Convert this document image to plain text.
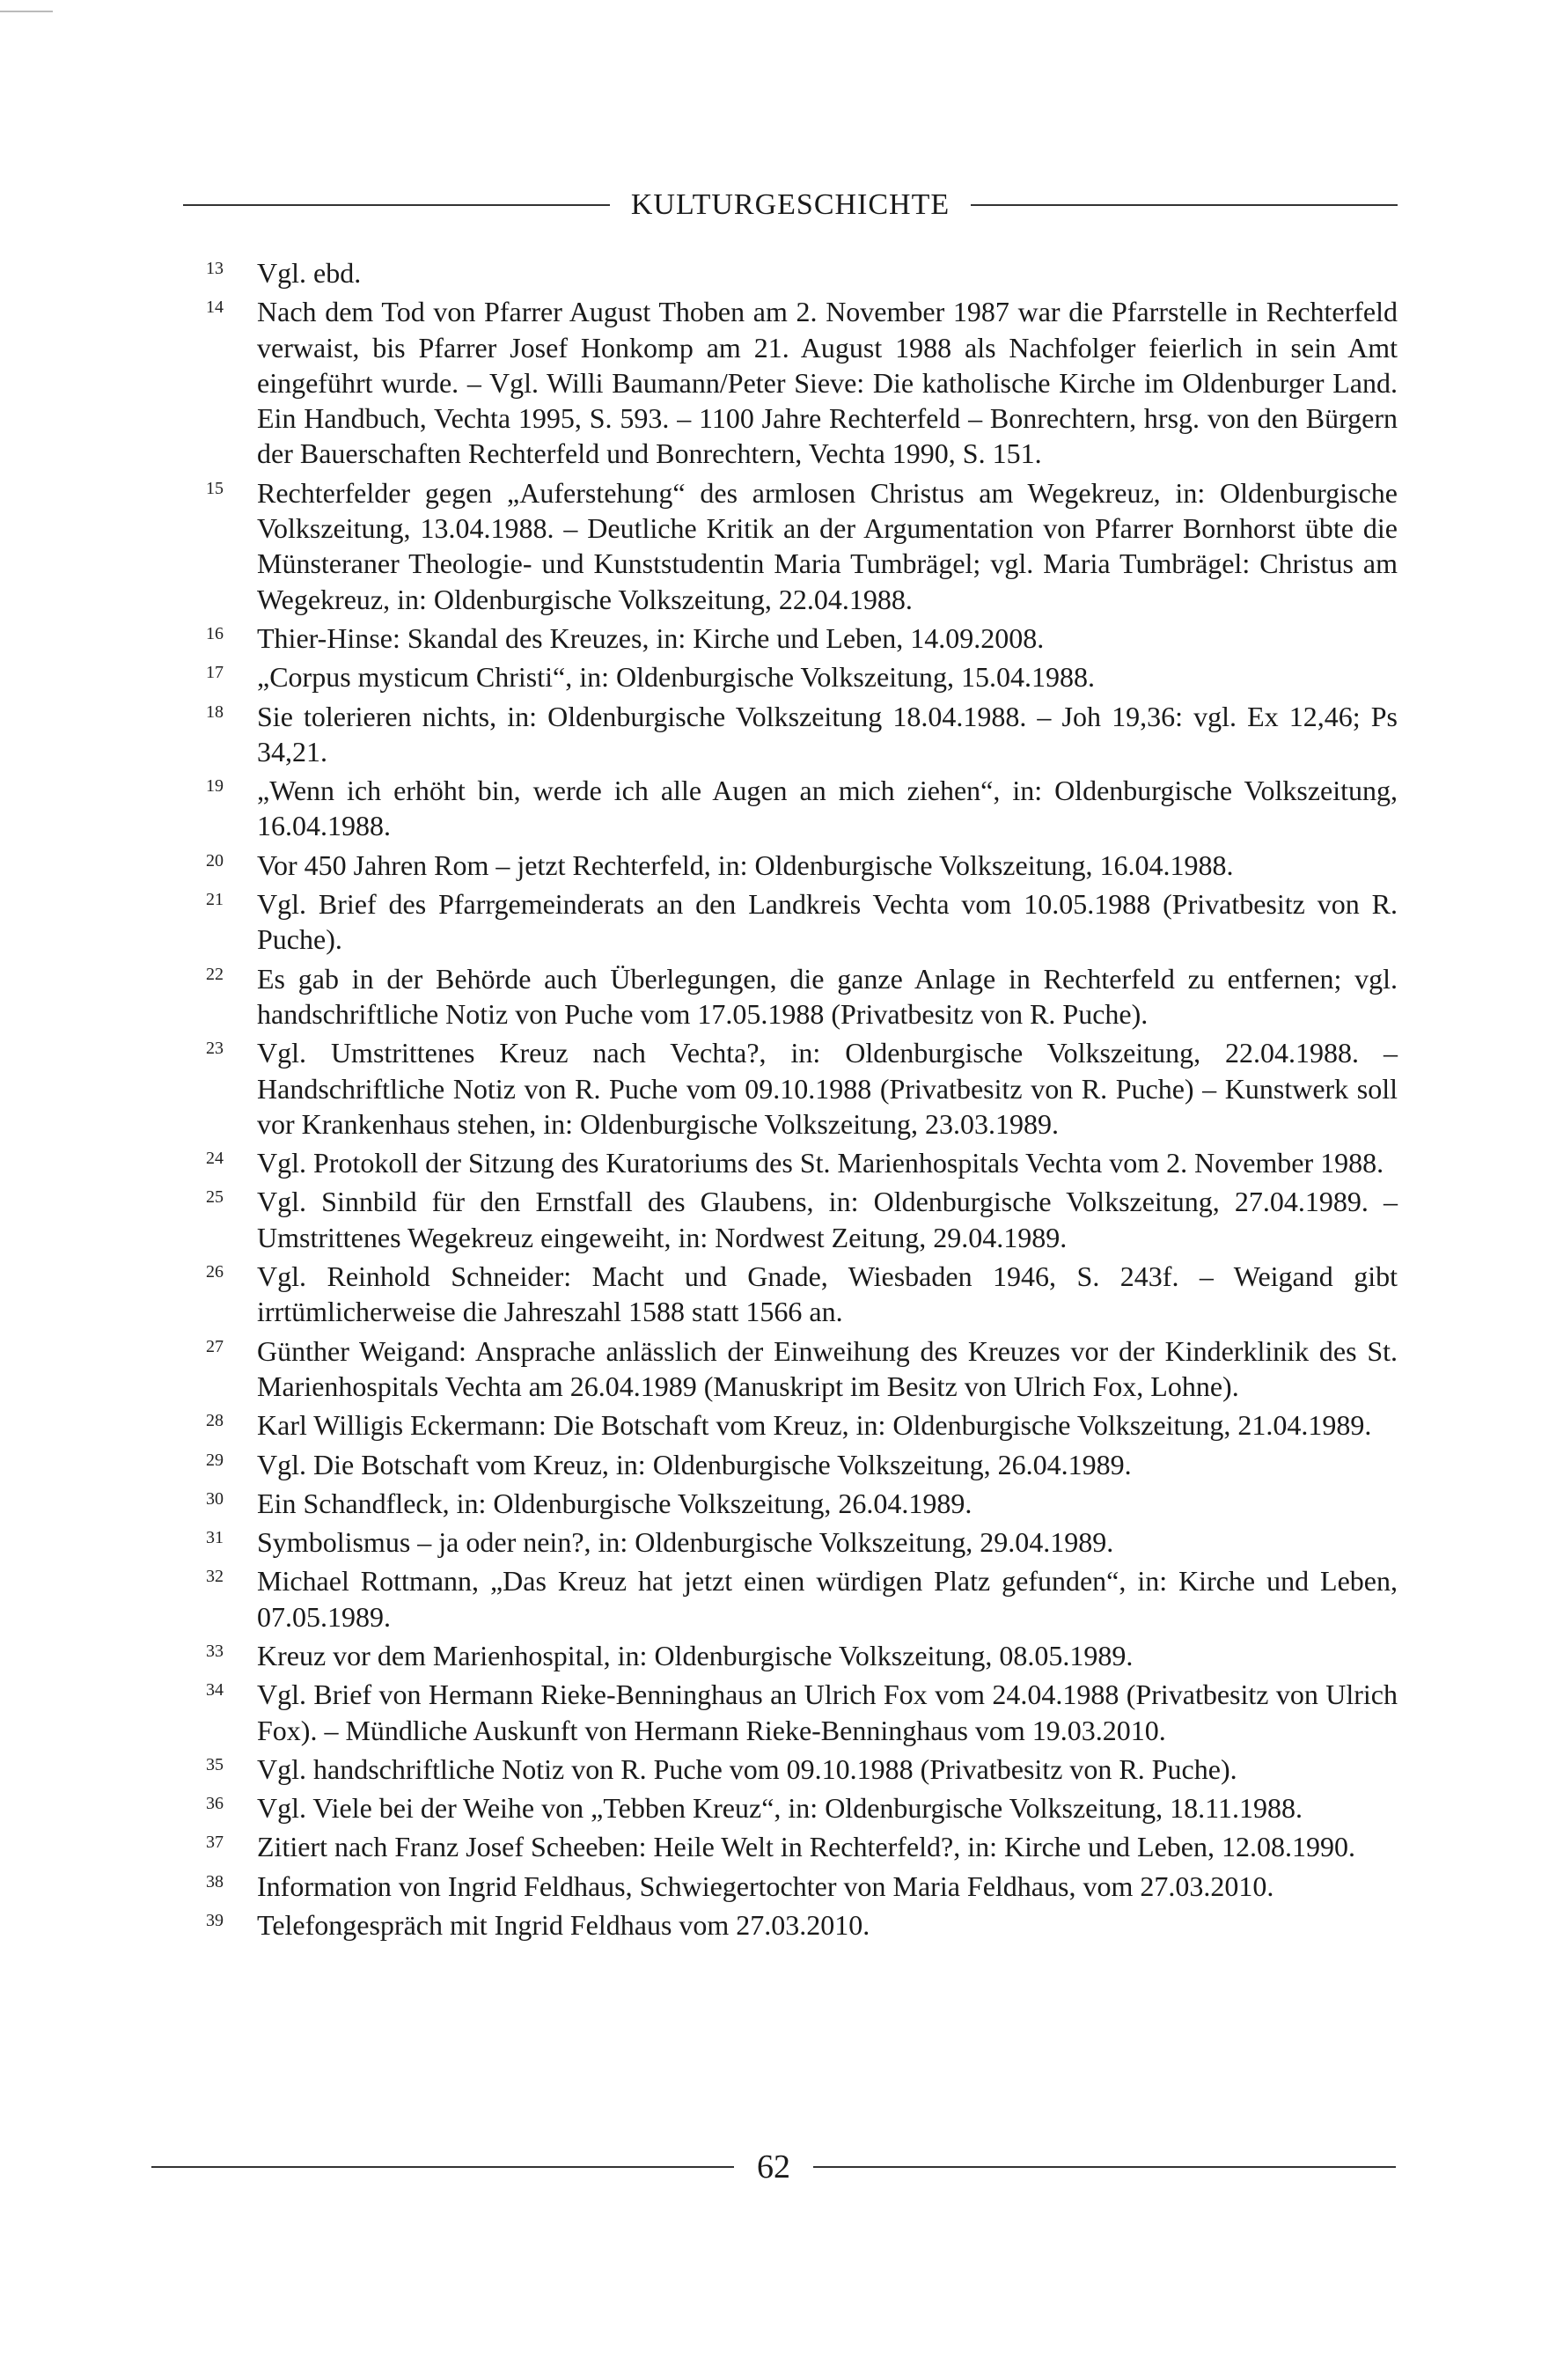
KULTURGESCHICHTE
13	Vgl. ebd.
14	Nach dem Tod von Pfarrer August Thoben am 2. November 1987 war die Pfarrstelle in Rechterfeld verwaist, bis Pfarrer Josef Honkomp am 21. August 1988 als Nachfolger feierlich in sein Amt eingeführt wurde. – Vgl. Willi Baumann/Peter Sieve: Die katholische Kirche im Oldenburger Land. Ein Handbuch, Vechta 1995, S. 593. – 1100 Jahre Rechterfeld – Bonrechtern, hrsg. von den Bürgern der Bauerschaften Rechterfeld und Bonrechtern, Vechta 1990, S. 151.
15	Rechterfelder gegen „Auferstehung“ des armlosen Christus am Wegekreuz, in: Oldenburgische Volkszeitung, 13.04.1988. – Deutliche Kritik an der Argumentation von Pfarrer Bornhorst übte die Münsteraner Theologie- und Kunststudentin Maria Tumbrägel; vgl. Maria Tumbrägel: Christus am Wegekreuz, in: Oldenburgische Volkszeitung, 22.04.1988.
16	Thier-Hinse: Skandal des Kreuzes, in: Kirche und Leben, 14.09.2008.
17	„Corpus mysticum Christi“, in: Oldenburgische Volkszeitung, 15.04.1988.
18	Sie tolerieren nichts, in: Oldenburgische Volkszeitung 18.04.1988. – Joh 19,36: vgl. Ex 12,46; Ps 34,21.
19	„Wenn ich erhöht bin, werde ich alle Augen an mich ziehen“, in: Oldenburgische Volkszeitung, 16.04.1988.
20	Vor 450 Jahren Rom – jetzt Rechterfeld, in: Oldenburgische Volkszeitung, 16.04.1988.
21	Vgl. Brief des Pfarrgemeinderats an den Landkreis Vechta vom 10.05.1988 (Privatbesitz von R. Puche).
22	Es gab in der Behörde auch Überlegungen, die ganze Anlage in Rechterfeld zu entfernen; vgl. handschriftliche Notiz von Puche vom 17.05.1988 (Privatbesitz von R. Puche).
23	Vgl. Umstrittenes Kreuz nach Vechta?, in: Oldenburgische Volkszeitung, 22.04.1988. – Handschriftliche Notiz von R. Puche vom 09.10.1988 (Privatbesitz von R. Puche) – Kunstwerk soll vor Krankenhaus stehen, in: Oldenburgische Volkszeitung, 23.03.1989.
24	Vgl. Protokoll der Sitzung des Kuratoriums des St. Marienhospitals Vechta vom 2. November 1988.
25	Vgl. Sinnbild für den Ernstfall des Glaubens, in: Oldenburgische Volkszeitung, 27.04.1989. – Umstrittenes Wegekreuz eingeweiht, in: Nordwest Zeitung, 29.04.1989.
26	Vgl. Reinhold Schneider: Macht und Gnade, Wiesbaden 1946, S. 243f. – Weigand gibt irrtümlicherweise die Jahreszahl 1588 statt 1566 an.
27	Günther Weigand: Ansprache anlässlich der Einweihung des Kreuzes vor der Kinderklinik des St. Marienhospitals Vechta am 26.04.1989 (Manuskript im Besitz von Ulrich Fox, Lohne).
28	Karl Willigis Eckermann: Die Botschaft vom Kreuz, in: Oldenburgische Volkszeitung, 21.04.1989.
29	Vgl. Die Botschaft vom Kreuz, in: Oldenburgische Volkszeitung, 26.04.1989.
30	Ein Schandfleck, in: Oldenburgische Volkszeitung, 26.04.1989.
31	Symbolismus – ja oder nein?, in: Oldenburgische Volkszeitung, 29.04.1989.
32	Michael Rottmann, „Das Kreuz hat jetzt einen würdigen Platz gefunden“, in: Kirche und Leben, 07.05.1989.
33	Kreuz vor dem Marienhospital, in: Oldenburgische Volkszeitung, 08.05.1989.
34	Vgl. Brief von Hermann Rieke-Benninghaus an Ulrich Fox vom 24.04.1988 (Privatbesitz von Ulrich Fox). – Mündliche Auskunft von Hermann Rieke-Benninghaus vom 19.03.2010.
35	Vgl. handschriftliche Notiz von R. Puche vom 09.10.1988 (Privatbesitz von R. Puche).
36	Vgl. Viele bei der Weihe von „Tebben Kreuz“, in: Oldenburgische Volkszeitung, 18.11.1988.
37	Zitiert nach Franz Josef Scheeben: Heile Welt in Rechterfeld?, in: Kirche und Leben, 12.08.1990.
38	Information von Ingrid Feldhaus, Schwiegertochter von Maria Feldhaus, vom 27.03.2010.
39	Telefongespräch mit Ingrid Feldhaus vom 27.03.2010.
62
